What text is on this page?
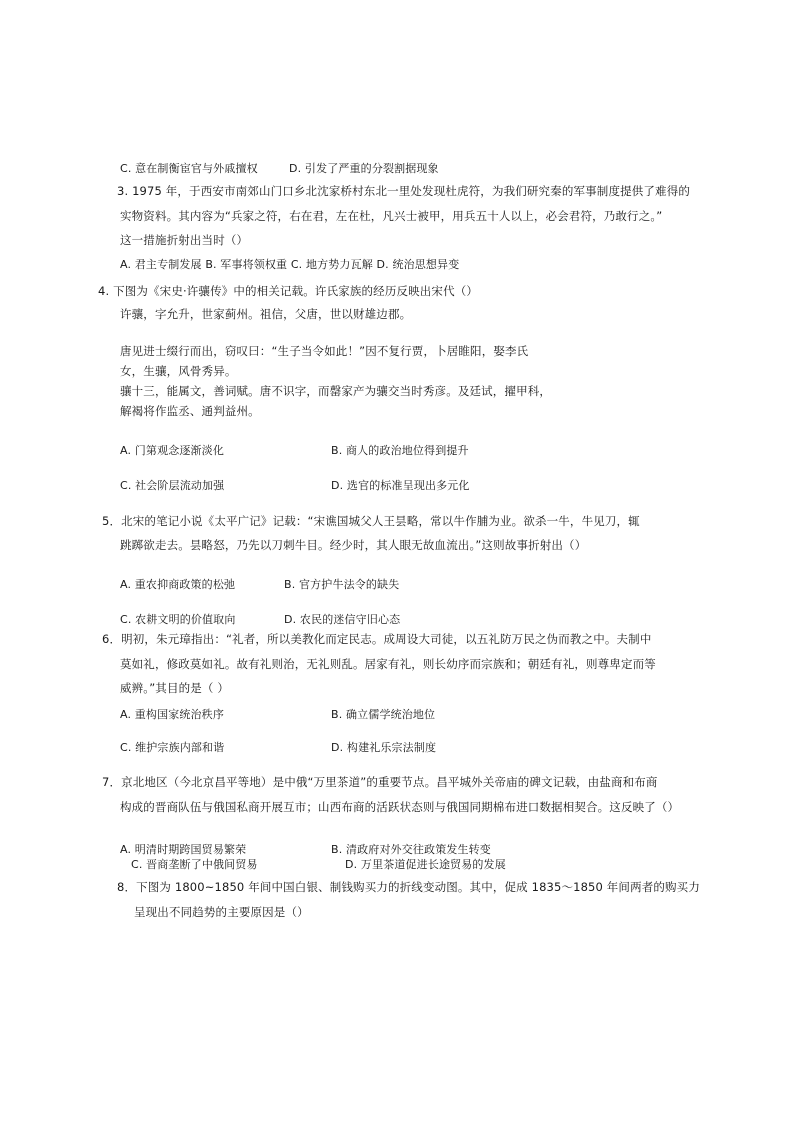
C. 意在制衡宦官与外戚擅权	D. 引发了严重的分裂割据现象
3. 1975 年，于西安市南郊山门口乡北沈家桥村东北一里处发现杜虎符，为我们研究秦的军事制度提供了难得的
实物资料。其内容为“兵家之符，右在君，左在杜，凡兴士被甲，用兵五十人以上，必会君符，乃敢行之。”
这一措施折射出当时（）
A. 君主专制发展 B. 军事将领权重 C. 地方势力瓦解 D. 统治思想异变
4. 下图为《宋史·许骧传》中的相关记载。许氏家族的经历反映出宋代（）
许骧，字允升，世家蓟州。祖信，父唐，世以财雄边郡。
唐见进士缀行而出，窃叹曰：“生子当令如此！”因不复行贾，卜居睢阳，娶李氏
女，生骧，风骨秀异。
骧十三，能属文，善词赋。唐不识字，而罄家产为骧交当时秀彦。及廷试，擢甲科，
解褐将作监丞、通判益州。
A. 门第观念逐渐淡化	B. 商人的政治地位得到提升
C. 社会阶层流动加强	D. 选官的标准呈现出多元化
5．北宋的笔记小说《太平广记》记载：“宋谯国城父人王昙略，常以牛作脯为业。欲杀一牛，牛见刀，辄
跳踯欲走去。昙略怒，乃先以刀刺牛目。经少时，其人眼无故血流出。”这则故事折射出（）
A. 重农抑商政策的松弛	B. 官方护牛法令的缺失
C. 农耕文明的价值取向	D. 农民的迷信守旧心态
6．明初，朱元璋指出：“礼者，所以美教化而定民志。成周设大司徒，以五礼防万民之伪而教之中。夫制中
莫如礼，修政莫如礼。故有礼则治，无礼则乱。居家有礼，则长幼序而宗族和；朝廷有礼，则尊卑定而等
威辨。”其目的是（ ）
A. 重构国家统治秩序	B. 确立儒学统治地位
C. 维护宗族内部和谐	D. 构建礼乐宗法制度
7．京北地区（今北京昌平等地）是中俄“万里茶道”的重要节点。昌平城外关帝庙的碑文记载，由盐商和布商
构成的晋商队伍与俄国私商开展互市；山西布商的活跃状态则与俄国同期棉布进口数据相契合。这反映了（）
A. 明清时期跨国贸易繁荣	B. 清政府对外交往政策发生转变
C. 晋商垄断了中俄间贸易	D. 万里茶道促进长途贸易的发展
8．下图为 1800~1850 年间中国白银、制钱购买力的折线变动图。其中，促成 1835～1850 年间两者的购买力
呈现出不同趋势的主要原因是（）
